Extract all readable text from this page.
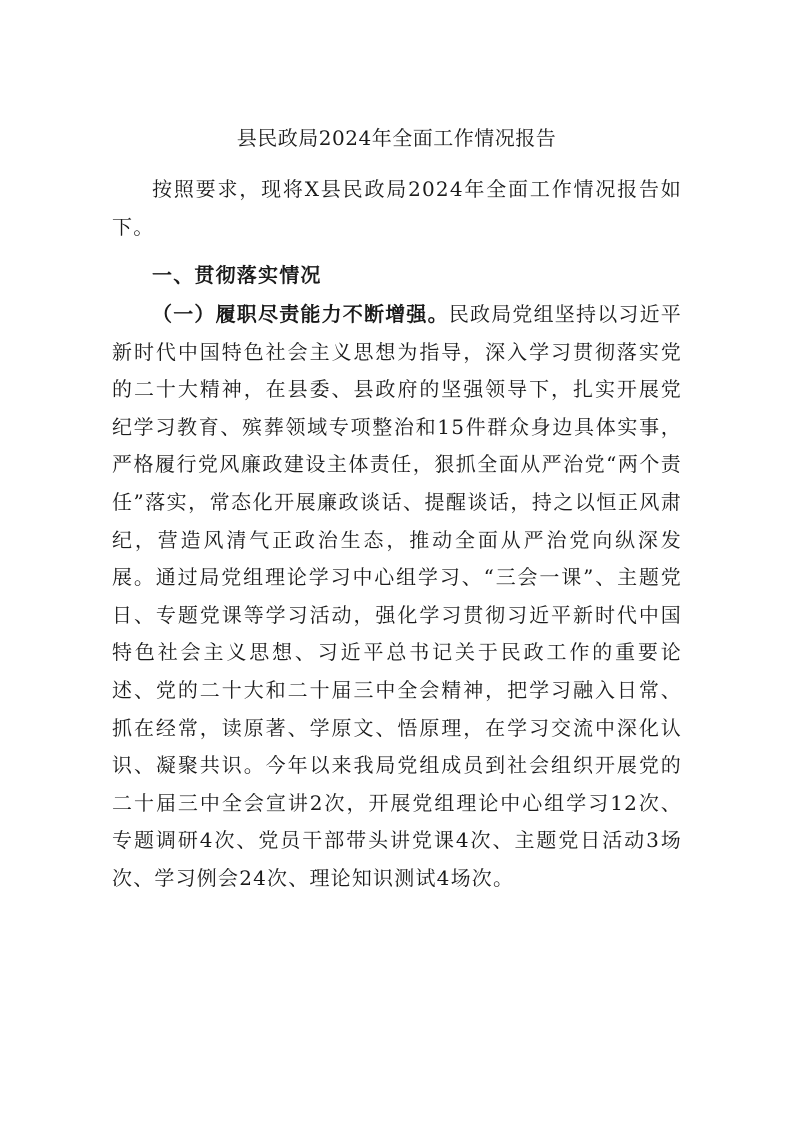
县民政局2024年全面工作情况报告

按照要求，现将X县民政局2024年全面工作情况报告如下。

一、贯彻落实情况

（一）履职尽责能力不断增强。民政局党组坚持以习近平新时代中国特色社会主义思想为指导，深入学习贯彻落实党的二十大精神，在县委、县政府的坚强领导下，扎实开展党纪学习教育、殡葬领域专项整治和15件群众身边具体实事，严格履行党风廉政建设主体责任，狠抓全面从严治党“两个责任”落实，常态化开展廉政谈话、提醒谈话，持之以恒正风肃纪，营造风清气正政治生态，推动全面从严治党向纵深发展。通过局党组理论学习中心组学习、“三会一课”、主题党日、专题党课等学习活动，强化学习贯彻习近平新时代中国特色社会主义思想、习近平总书记关于民政工作的重要论述、党的二十大和二十届三中全会精神，把学习融入日常、抓在经常，读原著、学原文、悟原理，在学习交流中深化认识、凝聚共识。今年以来我局党组成员到社会组织开展党的二十届三中全会宣讲2次，开展党组理论中心组学习12次、专题调研4次、党员干部带头讲党课4次、主题党日活动3场次、学习例会24次、理论知识测试4场次。
